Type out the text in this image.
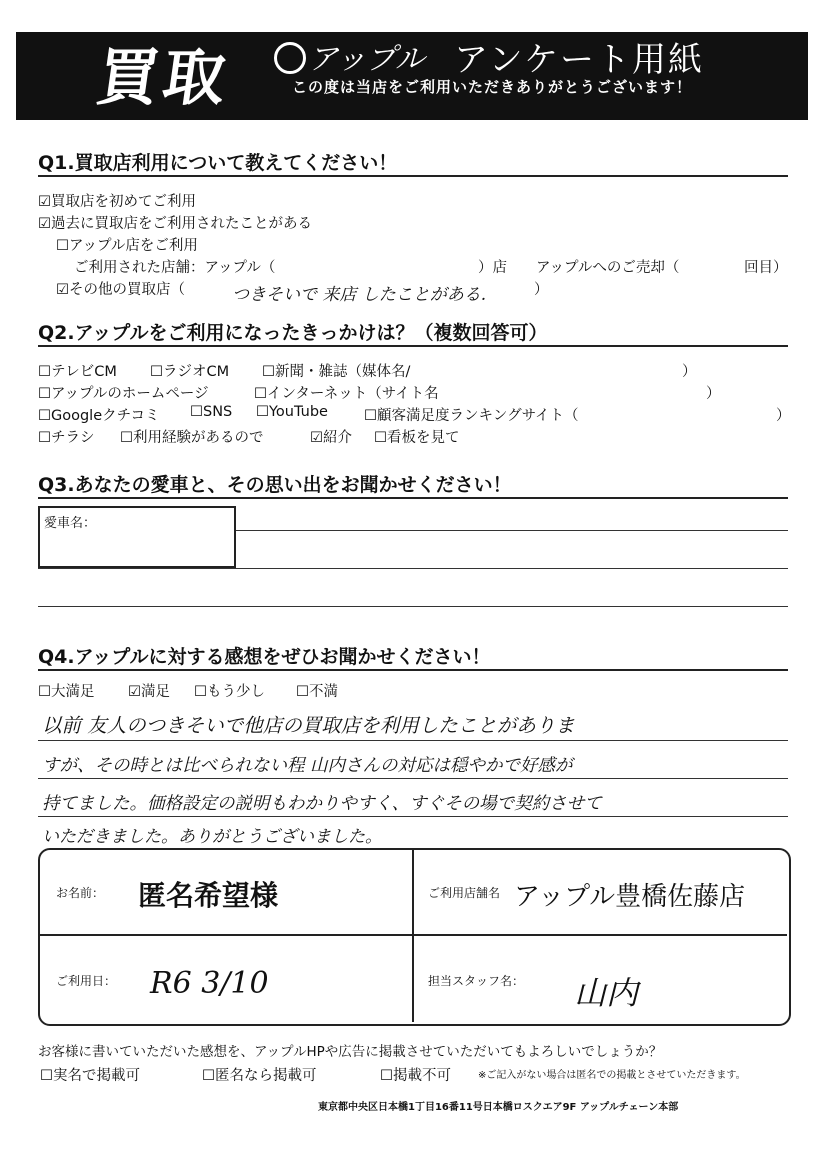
買取 アップル アンケート用紙
この度は当店をご利用いただきありがとうございます！
Q1.買取店利用について教えてください！
☑買取店を初めてご利用
☑過去に買取店をご利用されたことがある
☐アップル店をご利用
ご利用された店舗：アップル（	）店 アップルへのご売却（	回目）
☑その他の買取店（	つきそいで 来店 したことがある.	）
Q2.アップルをご利用になったきっかけは？（複数回答可）
☐テレビCM ☐ラジオCM ☐新聞・雑誌（媒体名/	）
☐アップルのホームページ	☐インターネット（サイト名	）
☐Googleクチコミ ☐SNS ☐YouTube ☐顧客満足度ランキングサイト（	）
☐チラシ ☐利用経験があるので	☑紹介 ☐看板を見て
Q3.あなたの愛車と、その思い出をお聞かせください！
愛車名：
Q4.アップルに対する感想をぜひお聞かせください！
☐大満足 ☑満足 ☐もう少し ☐不満
以前 友人のつきそいで他店の買取店を利用したことがありま
すが、その時とは比べられない程 山内さんの対応は穏やかで好感が
持てました。価格設定の説明もわかりやすく、すぐその場で契約させて
いただきました。ありがとうございました。
お名前： 匿名希望様	ご利用店舗名 アップル豊橋佐藤店
ご利用日： R6 3/10	担当スタッフ名： 山内
お客様に書いていただいた感想を、アップルHPや広告に掲載させていただいてもよろしいでしょうか？
☐実名で掲載可	☐匿名なら掲載可	☐掲載不可	※ご記入がない場合は匿名での掲載とさせていただきます。
東京都中央区日本橋1丁目16番11号日本橋ロスクエア9F アップルチェーン本部
